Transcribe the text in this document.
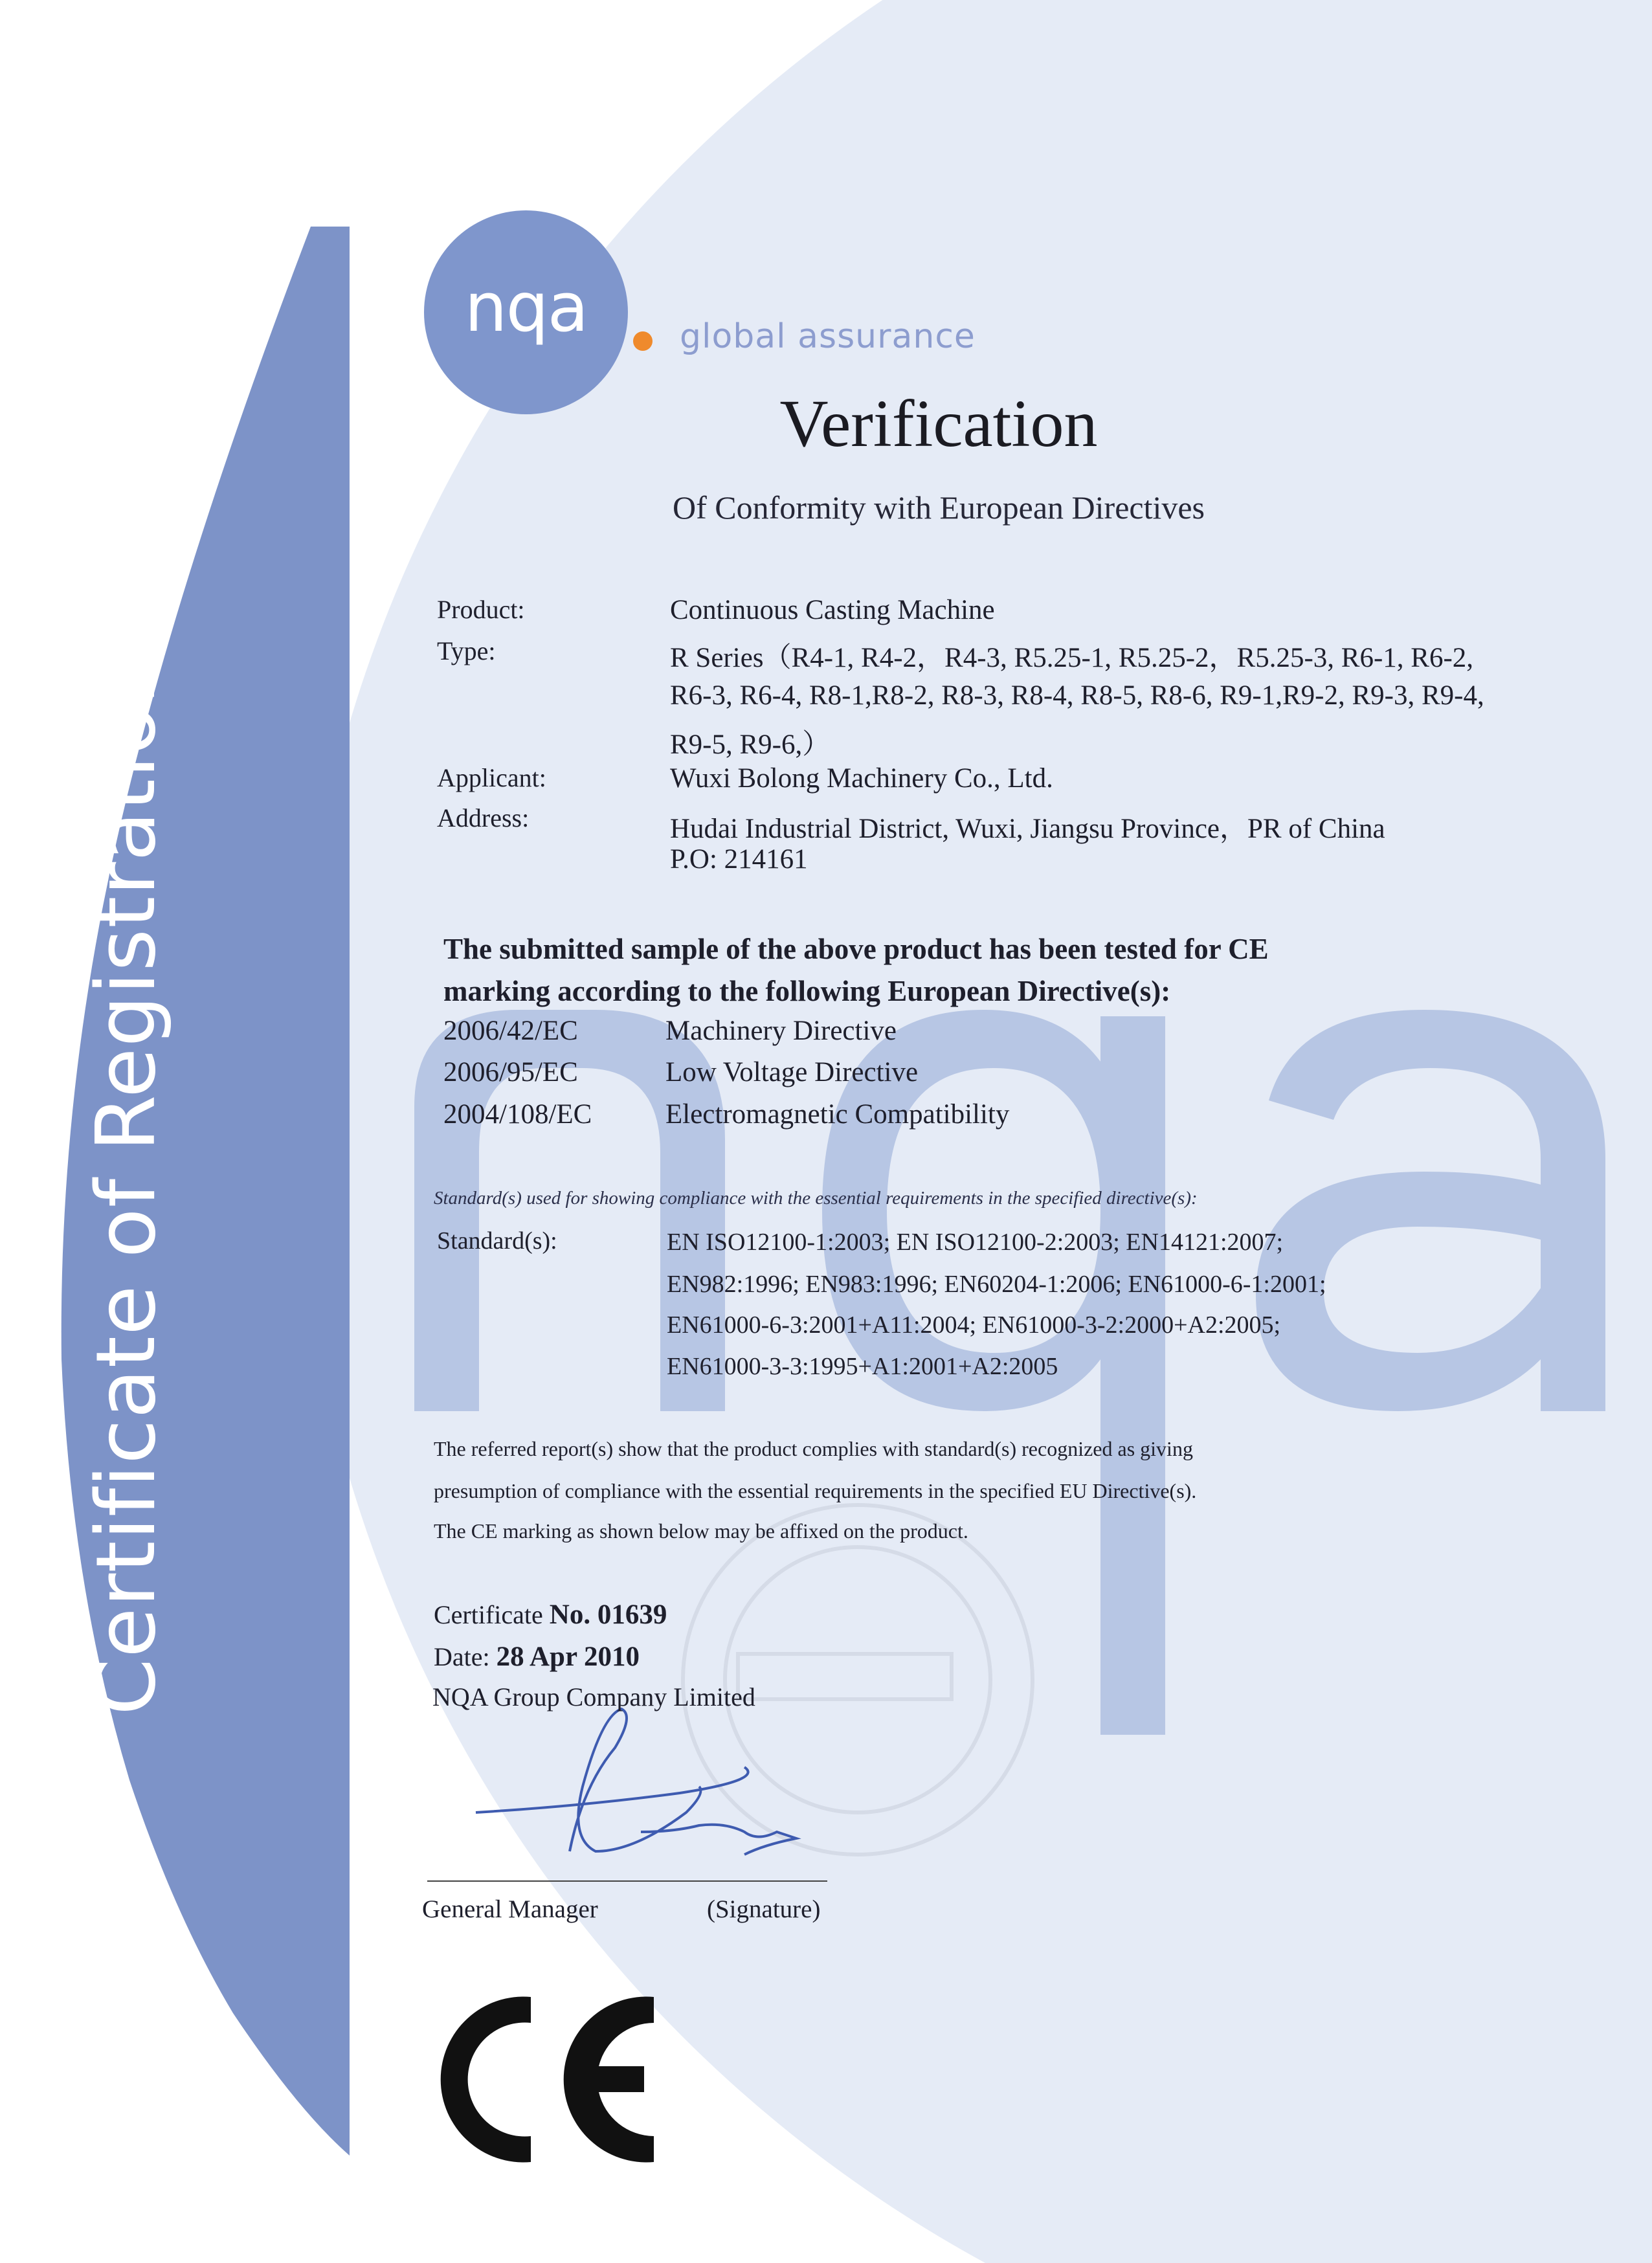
Certificate of Registration
nqa	global assurance
Verification
Of Conformity with European Directives
Product:	Continuous Casting Machine
Type:	R Series（R4-1, R4-2，R4-3, R5.25-1, R5.25-2，R5.25-3, R6-1, R6-2,
R6-3, R6-4, R8-1,R8-2, R8-3, R8-4, R8-5, R8-6, R9-1,R9-2, R9-3, R9-4,
R9-5, R9-6,）
Applicant:	Wuxi Bolong Machinery Co., Ltd.
Address:	Hudai Industrial District, Wuxi, Jiangsu Province，PR of China
P.O: 214161
The submitted sample of the above product has been tested for CE
marking according to the following European Directive(s):
2006/42/EC	Machinery Directive
2006/95/EC	Low Voltage Directive
2004/108/EC	Electromagnetic Compatibility
Standard(s) used for showing compliance with the essential requirements in the specified directive(s):
Standard(s):	EN ISO12100-1:2003; EN ISO12100-2:2003; EN14121:2007;
EN982:1996; EN983:1996; EN60204-1:2006; EN61000-6-1:2001;
EN61000-6-3:2001+A11:2004; EN61000-3-2:2000+A2:2005;
EN61000-3-3:1995+A1:2001+A2:2005
The referred report(s) show that the product complies with standard(s) recognized as giving
presumption of compliance with the essential requirements in the specified EU Directive(s).
The CE marking as shown below may be affixed on the product.
Certificate No. 01639
Date: 28 Apr 2010
NQA Group Company Limited
General Manager	(Signature)
